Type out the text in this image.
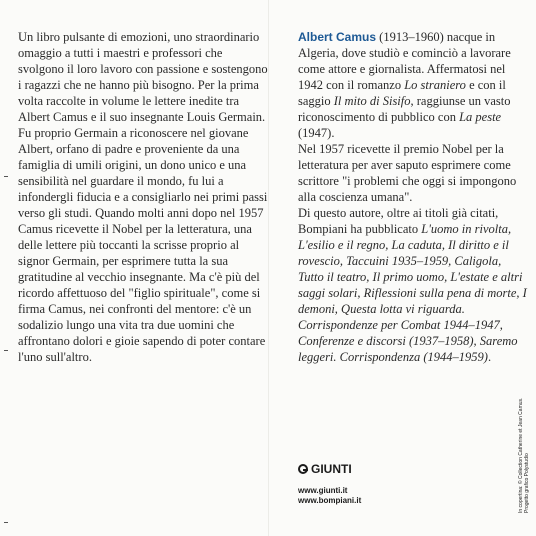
Un libro pulsante di emozioni, uno straordinario omaggio a tutti i maestri e professori che svolgono il loro lavoro con passione e sostengono i ragazzi che ne hanno più bisogno. Per la prima volta raccolte in volume le lettere inedite tra Albert Camus e il suo insegnante Louis Germain.

Fu proprio Germain a riconoscere nel giovane Albert, orfano di padre e proveniente da una famiglia di umili origini, un dono unico e una sensibilità nel guardare il mondo, fu lui a infondergli fiducia e a consigliarlo nei primi passi verso gli studi. Quando molti anni dopo nel 1957 Camus ricevette il Nobel per la letteratura, una delle lettere più toccanti la scrisse proprio al signor Germain, per esprimere tutta la sua gratitudine al vecchio insegnante. Ma c'è più del ricordo affettuoso del "figlio spirituale", come si firma Camus, nei confronti del mentore: c'è un sodalizio lungo una vita tra due uomini che affrontano dolori e gioie sapendo di poter contare l'uno sull'altro.

Albert Camus (1913–1960) nacque in Algeria, dove studiò e cominciò a lavorare come attore e giornalista. Affermatosi nel 1942 con il romanzo Lo straniero e con il saggio Il mito di Sisifo, raggiunse un vasto riconoscimento di pubblico con La peste (1947).

Nel 1957 ricevette il premio Nobel per la letteratura per aver saputo esprimere come scrittore "i problemi che oggi si impongono alla coscienza umana".

Di questo autore, oltre ai titoli già citati, Bompiani ha pubblicato L'uomo in rivolta, L'esilio e il regno, La caduta, Il diritto e il rovescio, Taccuini 1935–1959, Caligola, Tutto il teatro, Il primo uomo, L'estate e altri saggi solari, Riflessioni sulla pena di morte, I demoni, Questa lotta vi riguarda. Corrispondenze per Combat 1944–1947, Conferenze e discorsi (1937–1958), Saremo leggeri. Corrispondenza (1944–1959).

GIUNTI
www.giunti.it
www.bompiani.it	In copertina: © Collection Catherine et Jean Camus. Progetto grafico Polystudio
